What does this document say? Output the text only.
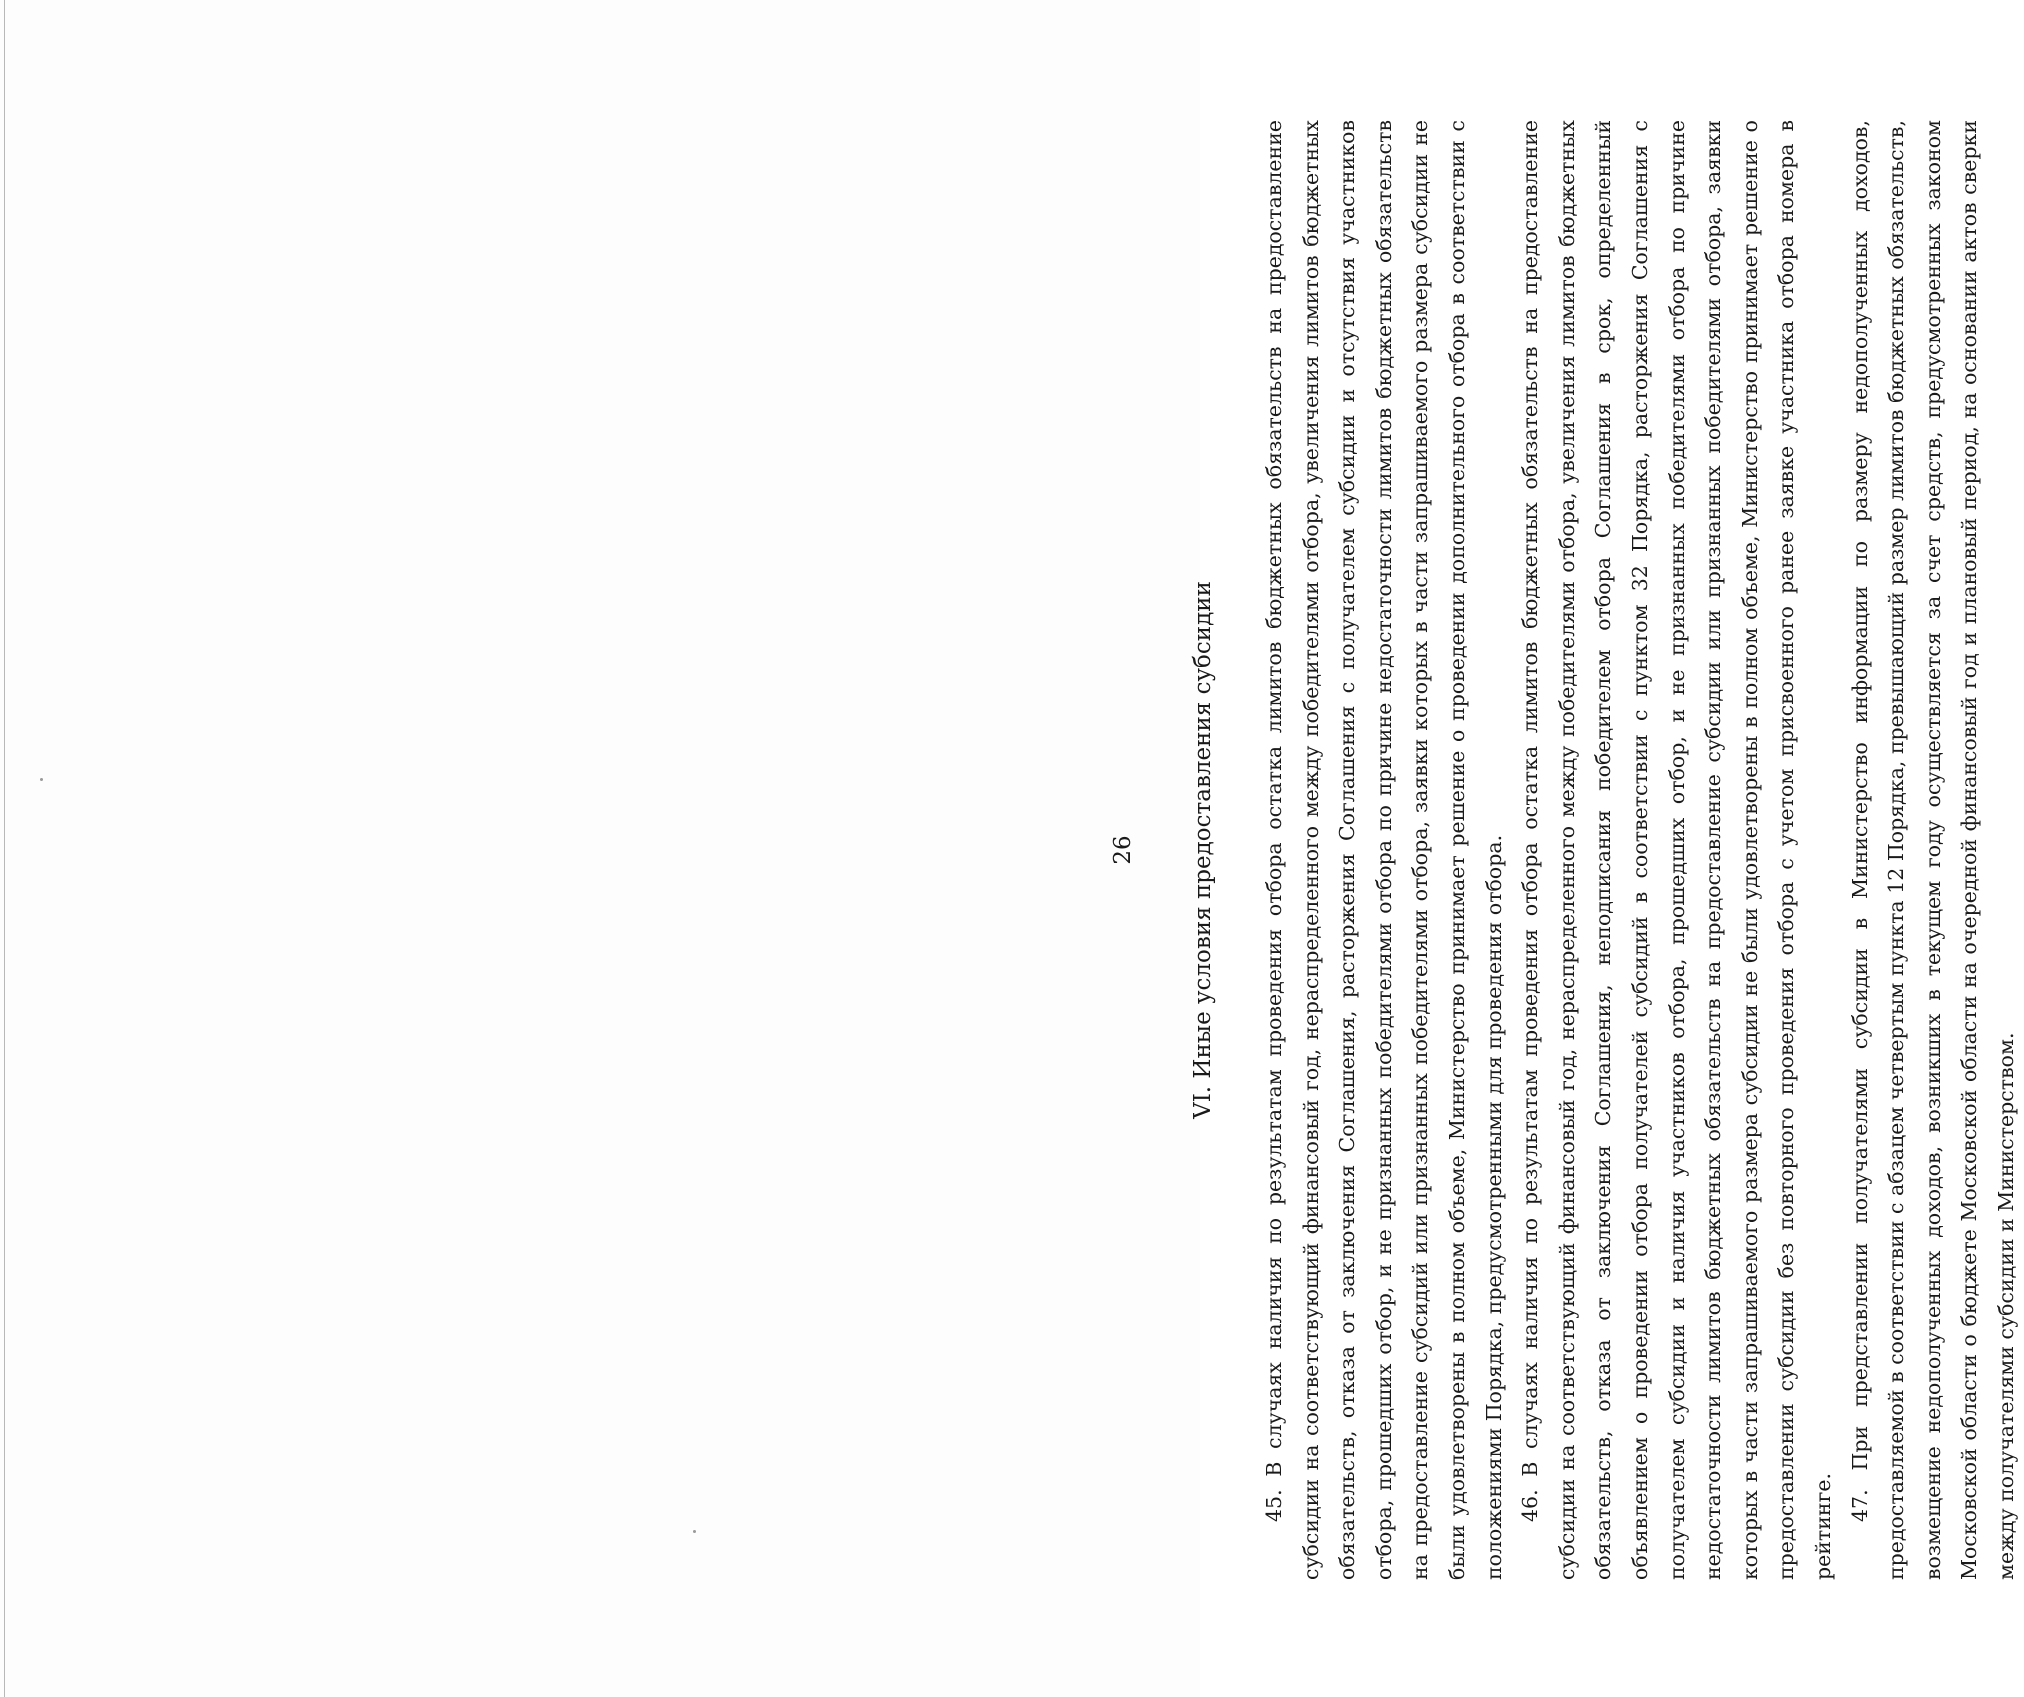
26 VI. Иные условия предоставления субсидии 45. В случаях наличия по результатам проведения отбора остатка лимитов бюджетных обязательств на предоставление субсидии на соответствующий финансовый год, нераспределенного между победителями отбора, увеличения лимитов бюджетных обязательств, отказа от заключения Соглашения, расторжения Соглашения с получателем субсидии и отсутствия участников отбора, прошедших отбор, и не признанных победителями отбора по причине недостаточности лимитов бюджетных обязательств на предоставление субсидий или признанных победителями отбора, заявки которых в части запрашиваемого размера субсидии не были удовлетворены в полном объеме, Министерство принимает решение о проведении дополнительного отбора в соответствии с положениями Порядка, предусмотренными для проведения отбора. 46. В случаях наличия по результатам проведения отбора остатка лимитов бюджетных обязательств на предоставление субсидии на соответствующий финансовый год, нераспределенного между победителями отбора, увеличения лимитов бюджетных обязательств, отказа от заключения Соглашения, неподписания победителем отбора Соглашения в срок, определенный объявлением о проведении отбора получателей субсидий в соответствии с пунктом 32 Порядка, расторжения Соглашения с получателем субсидии и наличия участников отбора, прошедших отбор, и не признанных победителями отбора по причине недостаточности лимитов бюджетных обязательств на предоставление субсидии или признанных победителями отбора, заявки которых в части запрашиваемого размера субсидии не были удовлетворены в полном объеме, Министерство принимает решение о предоставлении субсидии без повторного проведения отбора с учетом присвоенного ранее заявке участника отбора номера в рейтинге.

47. При представлении получателями субсидии в Министерство информации по размеру недополученных доходов, предоставляемой в соответствии с абзацем четвертым пункта 12 Порядка, превышающий размер лимитов бюджетных обязательств, возмещение недополученных доходов, возникших в текущем году осуществляется за счет средств, предусмотренных законом Московской области о бюджете Московской области на очередной финансовый год и плановый период, на основании актов сверки между получателями субсидии и Министерством.
